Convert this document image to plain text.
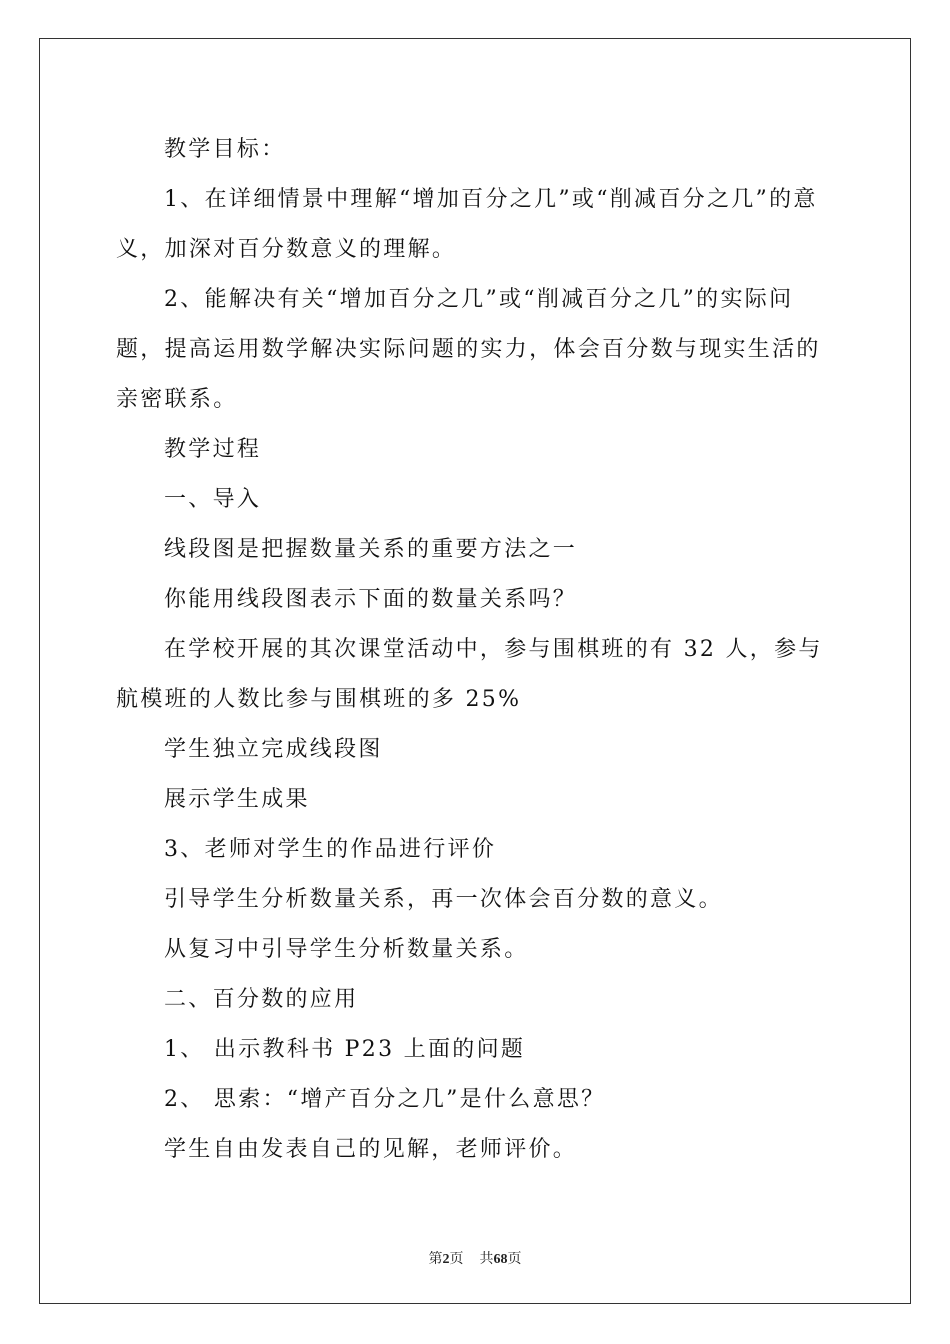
教学目标：

1、在详细情景中理解“增加百分之几”或“削减百分之几”的意义，加深对百分数意义的理解。

2、能解决有关“增加百分之几”或“削减百分之几”的实际问题，提高运用数学解决实际问题的实力，体会百分数与现实生活的亲密联系。

教学过程

一、导入

线段图是把握数量关系的重要方法之一

你能用线段图表示下面的数量关系吗？

在学校开展的其次课堂活动中，参与围棋班的有 32 人，参与航模班的人数比参与围棋班的多 25%

学生独立完成线段图

展示学生成果

3、老师对学生的作品进行评价

引导学生分析数量关系，再一次体会百分数的意义。

从复习中引导学生分析数量关系。

二、百分数的应用

1、 出示教科书 P23 上面的问题

2、 思索：“增产百分之几”是什么意思？

学生自由发表自己的见解，老师评价。

第2页 共68页
